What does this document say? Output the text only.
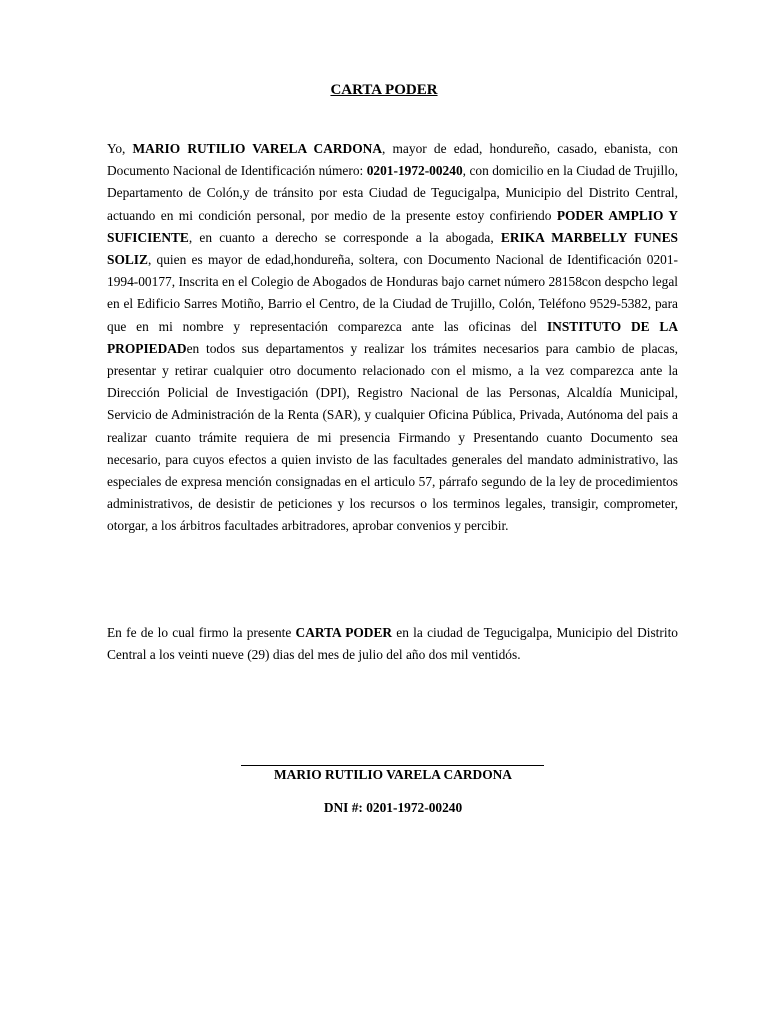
CARTA PODER

Yo, MARIO RUTILIO VARELA CARDONA, mayor de edad, hondureño, casado, ebanista, con Documento Nacional de Identificación número: 0201-1972-00240, con domicilio en la Ciudad de Trujillo, Departamento de Colón,y de tránsito por esta Ciudad de Tegucigalpa, Municipio del Distrito Central, actuando en mi condición personal, por medio de la presente estoy confiriendo PODER AMPLIO Y SUFICIENTE, en cuanto a derecho se corresponde a la abogada, ERIKA MARBELLY FUNES SOLIZ, quien es mayor de edad,hondureña, soltera, con Documento Nacional de Identificación 0201-1994-00177, Inscrita en el Colegio de Abogados de Honduras bajo carnet número 28158con despcho legal en el Edificio Sarres Motiño, Barrio el Centro, de la Ciudad de Trujillo, Colón, Teléfono 9529-5382, para que en mi nombre y representación comparezca ante las oficinas del INSTITUTO DE LA PROPIEDADen todos sus departamentos y realizar los trámites necesarios para cambio de placas, presentar y retirar cualquier otro documento relacionado con el mismo, a la vez comparezca ante la Dirección Policial de Investigación (DPI), Registro Nacional de las Personas, Alcaldía Municipal, Servicio de Administración de la Renta (SAR), y cualquier Oficina Pública, Privada, Autónoma del pais a realizar cuanto trámite requiera de mi presencia Firmando y Presentando cuanto Documento sea necesario, para cuyos efectos a quien invisto de las facultades generales del mandato administrativo, las especiales de expresa mención consignadas en el articulo 57, párrafo segundo de la ley de procedimientos administrativos, de desistir de peticiones y los recursos o los terminos legales, transigir, comprometer, otorgar, a los árbitros facultades arbitradores, aprobar convenios y percibir.

En fe de lo cual firmo la presente CARTA PODER en la ciudad de Tegucigalpa, Municipio del Distrito Central a los veinti nueve (29) dias del mes de julio del año dos mil ventidós.

MARIO RUTILIO VARELA CARDONA
DNI #: 0201-1972-00240
